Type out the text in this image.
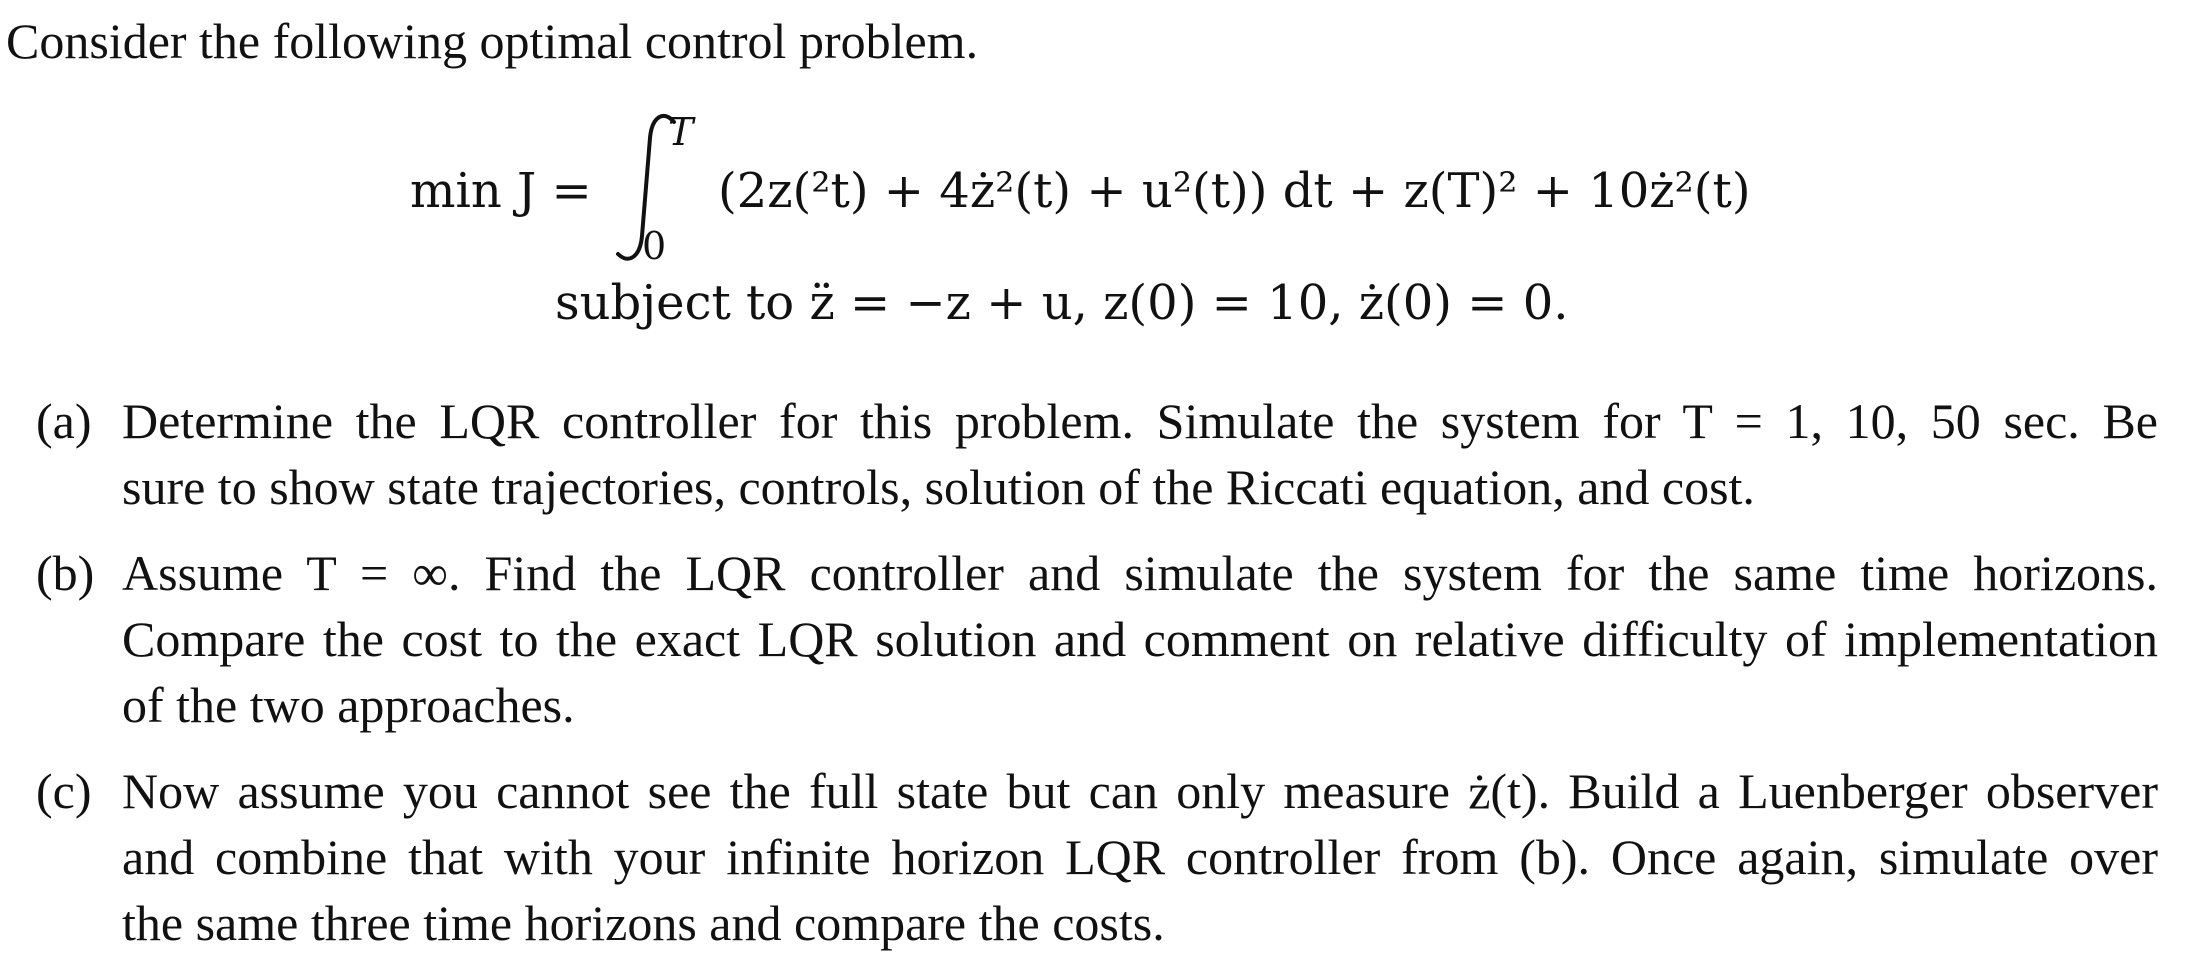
Consider the following optimal control problem.
min J =
T
0
(2z(²t) + 4ż²(t) + u²(t)) dt + z(T)² + 10ż²(t)
subject to z̈ = −z + u, z(0) = 10, ż(0) = 0.
(a) Determine the LQR controller for this problem. Simulate the system for T = 1, 10, 50 sec. Be
sure to show state trajectories, controls, solution of the Riccati equation, and cost.
(b) Assume T = ∞. Find the LQR controller and simulate the system for the same time horizons.
Compare the cost to the exact LQR solution and comment on relative difficulty of implementation
of the two approaches.
(c) Now assume you cannot see the full state but can only measure ż(t). Build a Luenberger observer
and combine that with your infinite horizon LQR controller from (b). Once again, simulate over
the same three time horizons and compare the costs.
